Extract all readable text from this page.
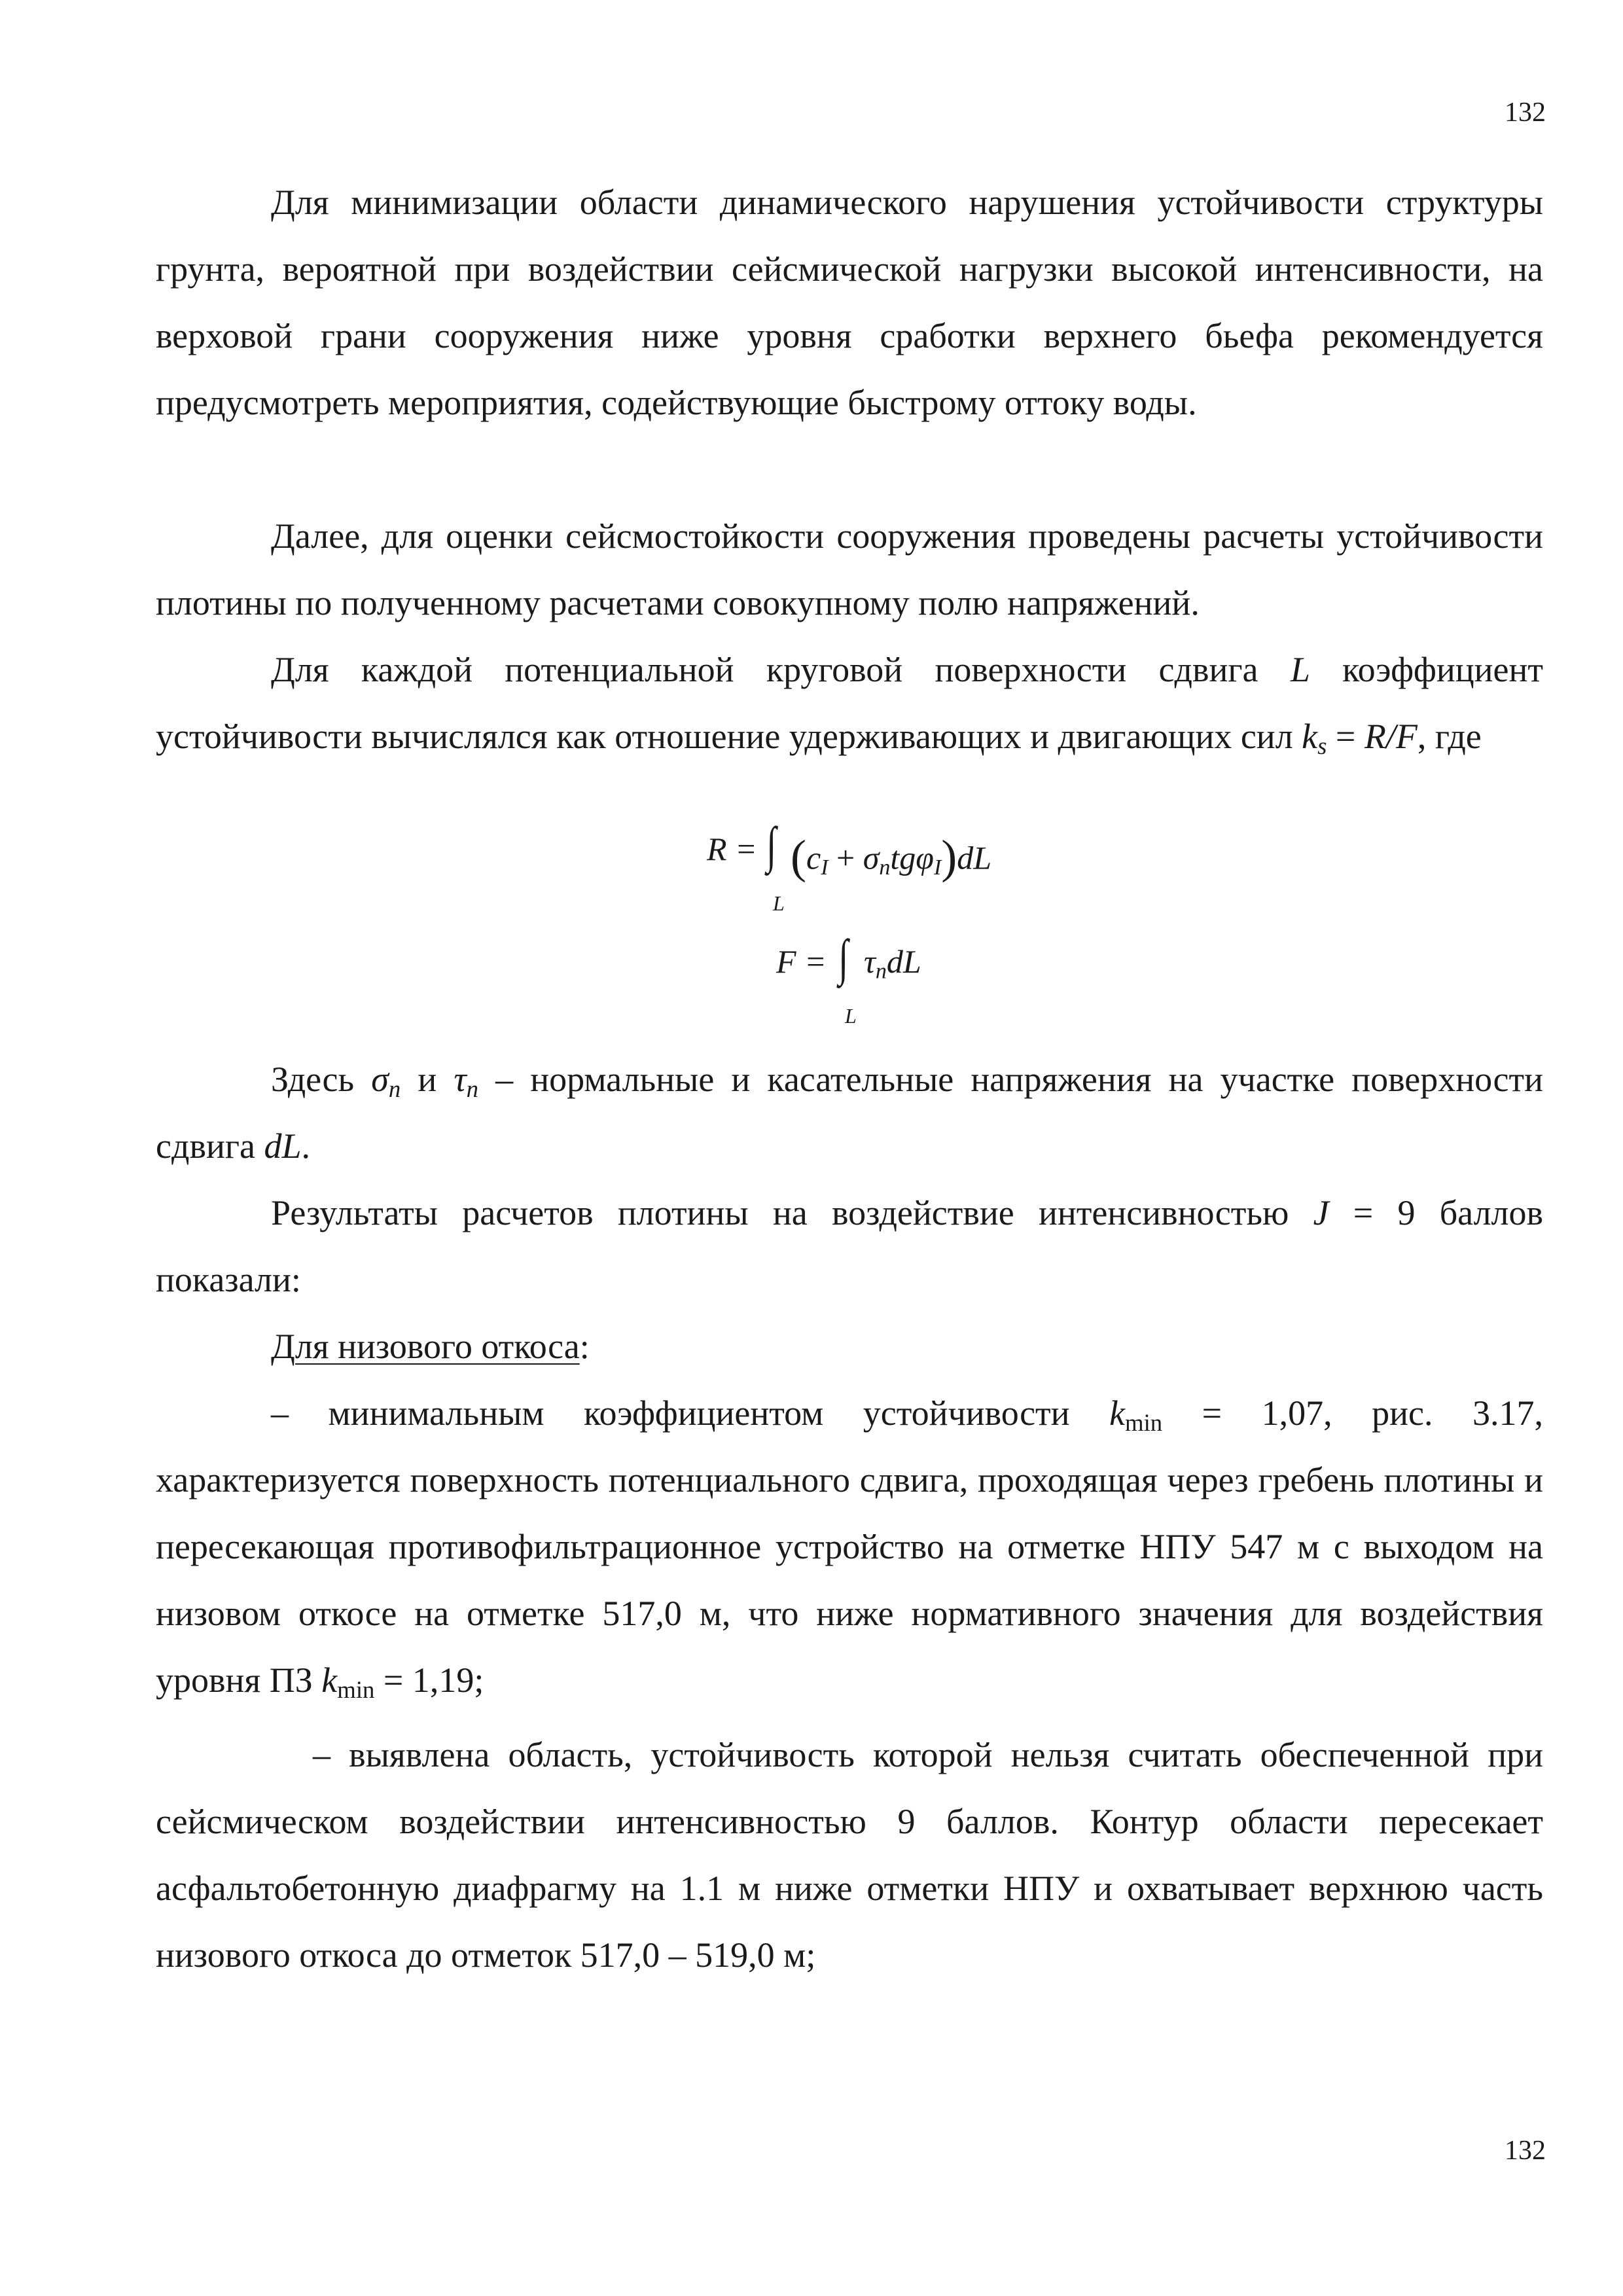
132

Для минимизации области динамического нарушения устойчивости структуры грунта, вероятной при воздействии сейсмической нагрузки высокой интенсивности, на верховой грани сооружения ниже уровня сработки верхнего бьефа рекомендуется предусмотреть мероприятия, содействующие быстрому оттоку воды.

Далее, для оценки сейсмостойкости сооружения проведены расчеты устойчивости плотины по полученному расчетами совокупному полю напряжений.

Для каждой потенциальной круговой поверхности сдвига L коэффициент устойчивости вычислялся как отношение удерживающих и двигающих сил $k_s = R/F$, где

R = ∫
L
$(c_I + \sigma_ntg\varphi_I)dL$
F = ∫
L
$\tau_ndL$

Здесь $\sigma_n$ и $\tau_n$ – нормальные и касательные напряжения на участке поверхности сдвига dL.

Результаты расчетов плотины на воздействие интенсивностью J = 9 баллов показали:

Для низового откоса:

– минимальным коэффициентом устойчивости $k_{min} = 1,07$, рис. 3.17, характеризуется поверхность потенциального сдвига, проходящая через гребень плотины и пересекающая противофильтрационное устройство на отметке НПУ 547 м с выходом на низовом откосе на отметке 517,0 м, что ниже нормативного значения для воздействия уровня ПЗ $k_{min} = 1,19$;

– выявлена область, устойчивость которой нельзя считать обеспеченной при сейсмическом воздействии интенсивностью 9 баллов. Контур области пересекает асфальтобетонную диафрагму на 1.1 м ниже отметки НПУ и охватывает верхнюю часть низового откоса до отметок 517,0 – 519,0 м;

132
